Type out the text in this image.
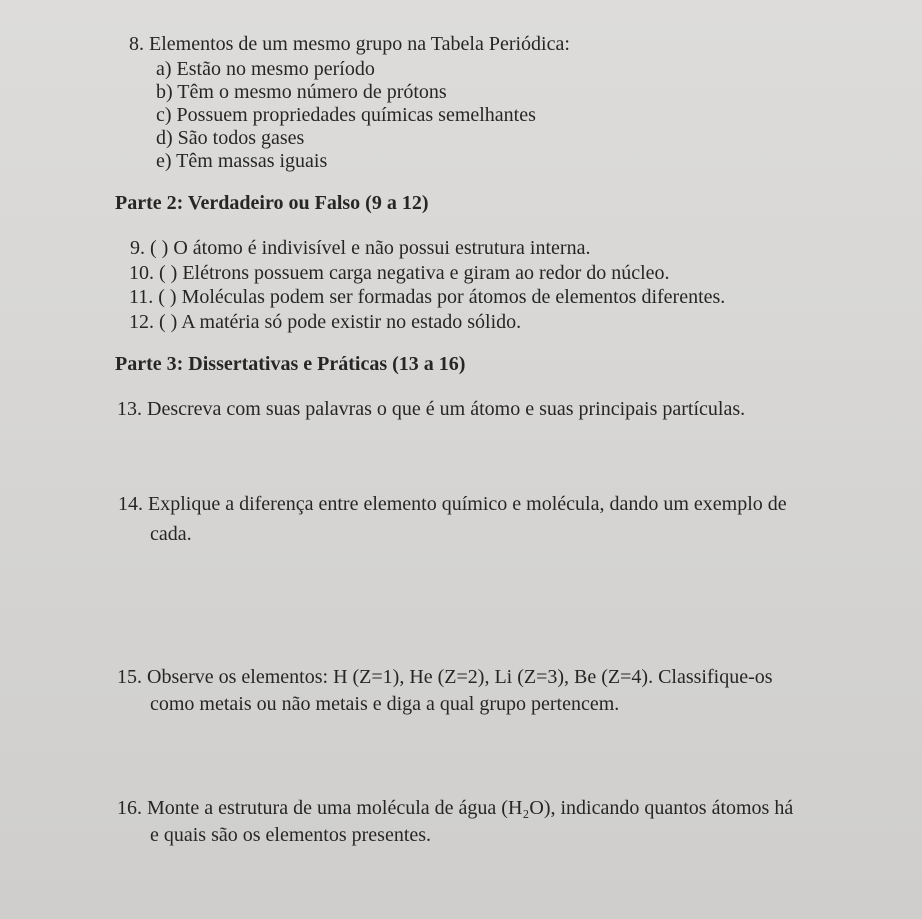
8. Elementos de um mesmo grupo na Tabela Periódica:
a) Estão no mesmo período
b) Têm o mesmo número de prótons
c) Possuem propriedades químicas semelhantes
d) São todos gases
e) Têm massas iguais
Parte 2: Verdadeiro ou Falso (9 a 12)
9. ( ) O átomo é indivisível e não possui estrutura interna.
10. ( ) Elétrons possuem carga negativa e giram ao redor do núcleo.
11. ( ) Moléculas podem ser formadas por átomos de elementos diferentes.
12. ( ) A matéria só pode existir no estado sólido.
Parte 3: Dissertativas e Práticas (13 a 16)
13. Descreva com suas palavras o que é um átomo e suas principais partículas.
14. Explique a diferença entre elemento químico e molécula, dando um exemplo de
cada.
15. Observe os elementos: H (Z=1), He (Z=2), Li (Z=3), Be (Z=4). Classifique-os
como metais ou não metais e diga a qual grupo pertencem.
16. Monte a estrutura de uma molécula de água (H₂O), indicando quantos átomos há
e quais são os elementos presentes.
